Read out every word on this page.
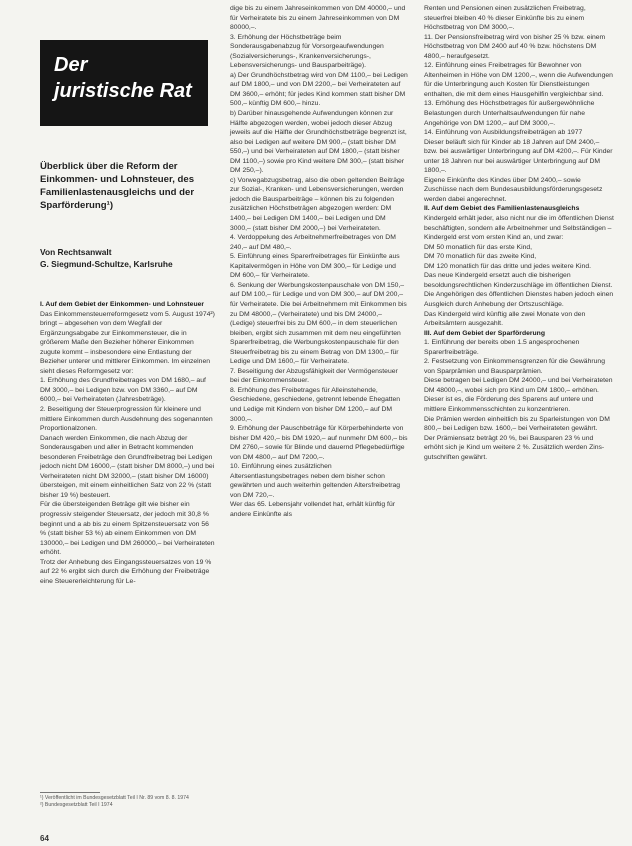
Der
juristische Rat
Überblick über die Reform der Einkommen- und Lohnsteuer, des Familienlastenausgleichs und der Sparförderung¹)
Von Rechtsanwalt
G. Siegmund-Schultze, Karlsruhe

I. Auf dem Gebiet der Einkommen- und Lohnsteuer

Das Einkommensteuerreformgesetz vom 5. August 1974²) bringt – abgesehen von dem Wegfall der Ergänzungsabgabe zur Einkommensteuer, die in größerem Maße den Bezieher höherer Einkommen zugute kommt – insbesondere eine Entlastung der Bezieher unterer und mittlerer Einkommen. Im einzelnen sieht dieses Reformgesetz vor:

1. Erhöhung des Grundfreibetrages von DM 1680,– auf DM 3000,– bei Ledigen bzw. von DM 3360,– auf DM 6000,– bei Verheirateten (Jahresbeträge).

2. Beseitigung der Steuerprogression für kleinere und mittlere Einkommen durch Ausdehnung des sogenannten Proportionalzonen.

Danach werden Einkommen, die nach Abzug der Sonderausgaben und aller in Betracht kommenden besonderen Freibeträge den Grundfreibetrag bei Ledigen jedoch nicht DM 16000,– (statt bisher DM 8000,–) und bei Verheirateten nicht DM 32000,– (statt bisher DM 16000) übersteigen, mit einem einheitlichen Satz von 22 % (statt bisher 19 %) besteuert.

Für die übersteigenden Beträge gilt wie bisher ein progressiv steigender Steuersatz, der jedoch mit 30,8 % beginnt und a ab bis zu einem Spitzensteuersatz von 56 % (statt bisher 53 %) ab einem Einkommen von DM 130000,– bei Ledigen und DM 260000,– bei Verheirateten erhöht.

Trotz der Anhebung des Eingangssteuersatzes von 19 % auf 22 % ergibt sich durch die Erhöhung der Freibeträge eine Steuererleichterung für Le-

dige bis zu einem Jahreseinkommen von DM 40000,– und für Verheiratete bis zu einem Jahreseinkommen von DM 80000,–.

3. Erhöhung der Höchstbeträge beim Sonderausgabenabzug für Vorsorgeaufwendungen (Sozialversicherungs-, Krankenversicherungs-, Lebensversicherungs- und Bausparbeiträge).

a) Der Grundhöchstbetrag wird von DM 1100,– bei Ledigen auf DM 1800,– und von DM 2200,– bei Verheirateten auf DM 3600,– erhöht; für jedes Kind kommen statt bisher DM 500,– künftig DM 600,– hinzu.

b) Darüber hinausgehende Aufwendungen können zur Hälfte abgezogen werden, wobei jedoch dieser Abzug jeweils auf die Hälfte der Grundhöchstbeträge begrenzt ist, also bei Ledigen auf weitere DM 900,– (statt bisher DM 550,–) und bei Verheirateten auf DM 1800,– (statt bisher DM 1100,–) sowie pro Kind weitere DM 300,– (statt bisher DM 250,–).

c) Vorwegabzugsbetrag, also die oben geltenden Beiträge zur Sozial-, Kranken- und Lebensversicherungen, werden jedoch die Bausparbeiträge – können bis zu folgenden zusätzlichen Höchstbeträgen abgezogen werden: DM 1400,– bei Ledigen DM 1400,– bei Ledigen und DM 3000,– (statt bisher DM 2000,–) bei Verheirateten.

4. Verdoppelung des Arbeitnehmerfreibetrages von DM 240,– auf DM 480,–.

5. Einführung eines Sparerfreibetrages für Einkünfte aus Kapitalvermögen in Höhe von DM 300,– für Ledige und DM 600,– für Verheiratete.

6. Senkung der Werbungskostenpauschale von DM 150,– auf DM 100,– für Ledige und von DM 300,– auf DM 200,– für Verheiratete. Die bei Arbeitnehmern mit Einkommen bis zu DM 48000,– (Verheiratete) und bis DM 24000,– (Ledige) steuerfrei bis zu DM 600,– in dem steuerlichen bleiben, ergibt sich zusammen mit dem neu eingeführten Sparerfreibetrag, die Werbungskostenpauschale für den Steuerfreibetrag bis zu einem Betrag von DM 1300,– für Ledige und DM 1600,– für Verheiratete.

7. Beseitigung der Abzugsfähigkeit der Vermögensteuer bei der Einkommensteuer.

8. Erhöhung des Freibetrages für Alleinstehende, Geschiedene, geschiedene, getrennt lebende Ehegatten und Ledige mit Kindern von bisher DM 1200,– auf DM 3000,–.

9. Erhöhung der Pauschbeträge für Körperbehinderte von bisher DM 420,– bis DM 1920,– auf nunmehr DM 600,– bis DM 2760,– sowie für Blinde und dauernd Pflegebedürftige von DM 4800,– auf DM 7200,–.

10. Einführung eines zusätzlichen Altersentlastungsbetrages neben dem bisher schon gewährten und auch weiterhin geltenden Altersfreibetrag von DM 720,–.

Wer das 65. Lebensjahr vollendet hat, erhält künftig für andere Einkünfte als

Renten und Pensionen einen zusätzlichen Freibetrag, steuerfrei bleiben 40 % dieser Einkünfte bis zu einem Höchstbetrag von DM 3000,–.

11. Der Pensionsfreibetrag wird von bisher 25 % bzw. einem Höchstbetrag von DM 2400 auf 40 % bzw. höchstens DM 4800,– heraufgesetzt.

12. Einführung eines Freibetrages für Bewohner von Altenheimen in Höhe von DM 1200,–, wenn die Aufwendungen für die Unterbringung auch Kosten für Dienstleistungen enthalten, die mit dem eines Hausgehilfin vergleichbar sind.

13. Erhöhung des Höchstbetrages für außergewöhnliche Belastungen durch Unterhaltsaufwendungen für nahe Angehörige von DM 1200,– auf DM 3000,–.

14. Einführung von Ausbildungsfreibeträgen ab 1977

Dieser beläuft sich für Kinder ab 18 Jahren auf DM 2400,– bzw. bei auswärtiger Unterbringung auf DM 4200,–. Für Kinder unter 18 Jahren nur bei auswärtiger Unterbringung auf DM 1800,–.

Eigene Einkünfte des Kindes über DM 2400,– sowie Zuschüsse nach dem Bundesausbildungsförderungsgesetz werden dabei angerechnet.

II. Auf dem Gebiet des Familienlastenausgleichs

Kindergeld erhält jeder, also nicht nur die im öffentlichen Dienst beschäftigten, sondern alle Arbeitnehmer und Selbständigen – Kindergeld erst vom ersten Kind an, und zwar:

DM 50 monatlich für das erste Kind,

DM 70 monatlich für das zweite Kind,

DM 120 monatlich für das dritte und jedes weitere Kind.

Das neue Kindergeld ersetzt auch die bisherigen besoldungsrechtlichen Kinderzuschläge im öffentlichen Dienst. Die Angehörigen des öffentlichen Dienstes haben jedoch einen Ausgleich durch Anhebung der Ortszuschläge.

Das Kindergeld wird künftig alle zwei Monate von den Arbeitsämtern ausgezahlt.

III. Auf dem Gebiet der Sparförderung

1. Einführung der bereits oben 1.5 angesprochenen Sparerfreibeträge.

2. Festsetzung von Einkommensgrenzen für die Gewährung von Sparprämien und Bausparprämien.

Diese betragen bei Ledigen DM 24000,– und bei Verheirateten DM 48000,–, wobei sich pro Kind um DM 1800,– erhöhen. Dieser ist es, die Förderung des Sparens auf untere und mittlere Einkommensschichten zu konzentrieren.

Die Prämien werden einheitlich bis zu Sparleistungen von DM 800,– bei Ledigen bzw. 1600,– bei Verheirateten gewährt.

Der Prämiensatz beträgt 20 %, bei Bausparen 23 % und erhöht sich je Kind um weitere 2 %. Zusätzlich werden Zins-gutschriften gewährt.

¹) Veröffentlicht im Bundesgesetzblatt Teil I Nr. 89 vom 8. 8. 1974

²) Bundesgesetzblatt Teil I 1974

64
